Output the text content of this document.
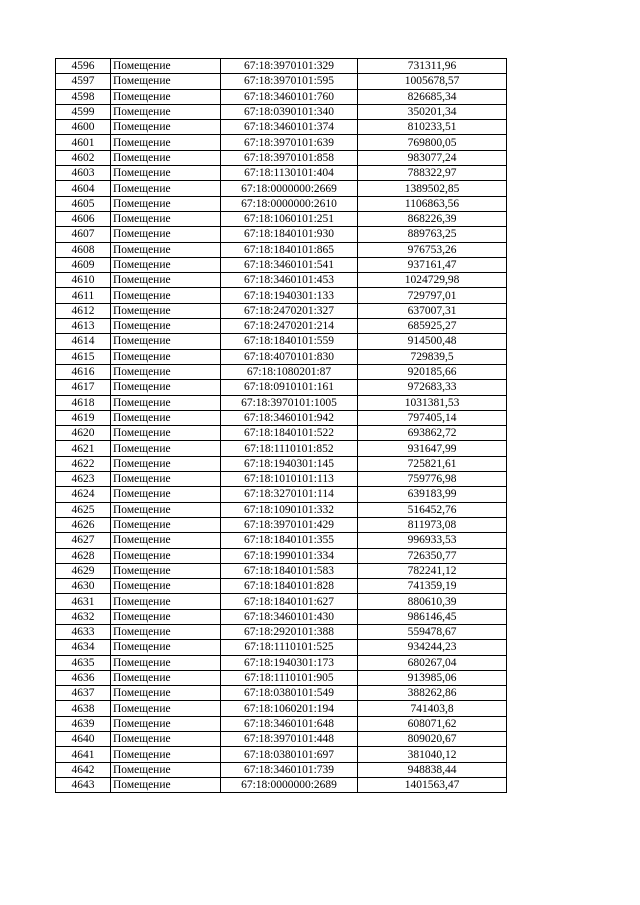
4596	Помещение	67:18:3970101:329	731311,96
4597	Помещение	67:18:3970101:595	1005678,57
4598	Помещение	67:18:3460101:760	826685,34
4599	Помещение	67:18:0390101:340	350201,34
4600	Помещение	67:18:3460101:374	810233,51
4601	Помещение	67:18:3970101:639	769800,05
4602	Помещение	67:18:3970101:858	983077,24
4603	Помещение	67:18:1130101:404	788322,97
4604	Помещение	67:18:0000000:2669	1389502,85
4605	Помещение	67:18:0000000:2610	1106863,56
4606	Помещение	67:18:1060101:251	868226,39
4607	Помещение	67:18:1840101:930	889763,25
4608	Помещение	67:18:1840101:865	976753,26
4609	Помещение	67:18:3460101:541	937161,47
4610	Помещение	67:18:3460101:453	1024729,98
4611	Помещение	67:18:1940301:133	729797,01
4612	Помещение	67:18:2470201:327	637007,31
4613	Помещение	67:18:2470201:214	685925,27
4614	Помещение	67:18:1840101:559	914500,48
4615	Помещение	67:18:4070101:830	729839,5
4616	Помещение	67:18:1080201:87	920185,66
4617	Помещение	67:18:0910101:161	972683,33
4618	Помещение	67:18:3970101:1005	1031381,53
4619	Помещение	67:18:3460101:942	797405,14
4620	Помещение	67:18:1840101:522	693862,72
4621	Помещение	67:18:1110101:852	931647,99
4622	Помещение	67:18:1940301:145	725821,61
4623	Помещение	67:18:1010101:113	759776,98
4624	Помещение	67:18:3270101:114	639183,99
4625	Помещение	67:18:1090101:332	516452,76
4626	Помещение	67:18:3970101:429	811973,08
4627	Помещение	67:18:1840101:355	996933,53
4628	Помещение	67:18:1990101:334	726350,77
4629	Помещение	67:18:1840101:583	782241,12
4630	Помещение	67:18:1840101:828	741359,19
4631	Помещение	67:18:1840101:627	880610,39
4632	Помещение	67:18:3460101:430	986146,45
4633	Помещение	67:18:2920101:388	559478,67
4634	Помещение	67:18:1110101:525	934244,23
4635	Помещение	67:18:1940301:173	680267,04
4636	Помещение	67:18:1110101:905	913985,06
4637	Помещение	67:18:0380101:549	388262,86
4638	Помещение	67:18:1060201:194	741403,8
4639	Помещение	67:18:3460101:648	608071,62
4640	Помещение	67:18:3970101:448	809020,67
4641	Помещение	67:18:0380101:697	381040,12
4642	Помещение	67:18:3460101:739	948838,44
4643	Помещение	67:18:0000000:2689	1401563,47
